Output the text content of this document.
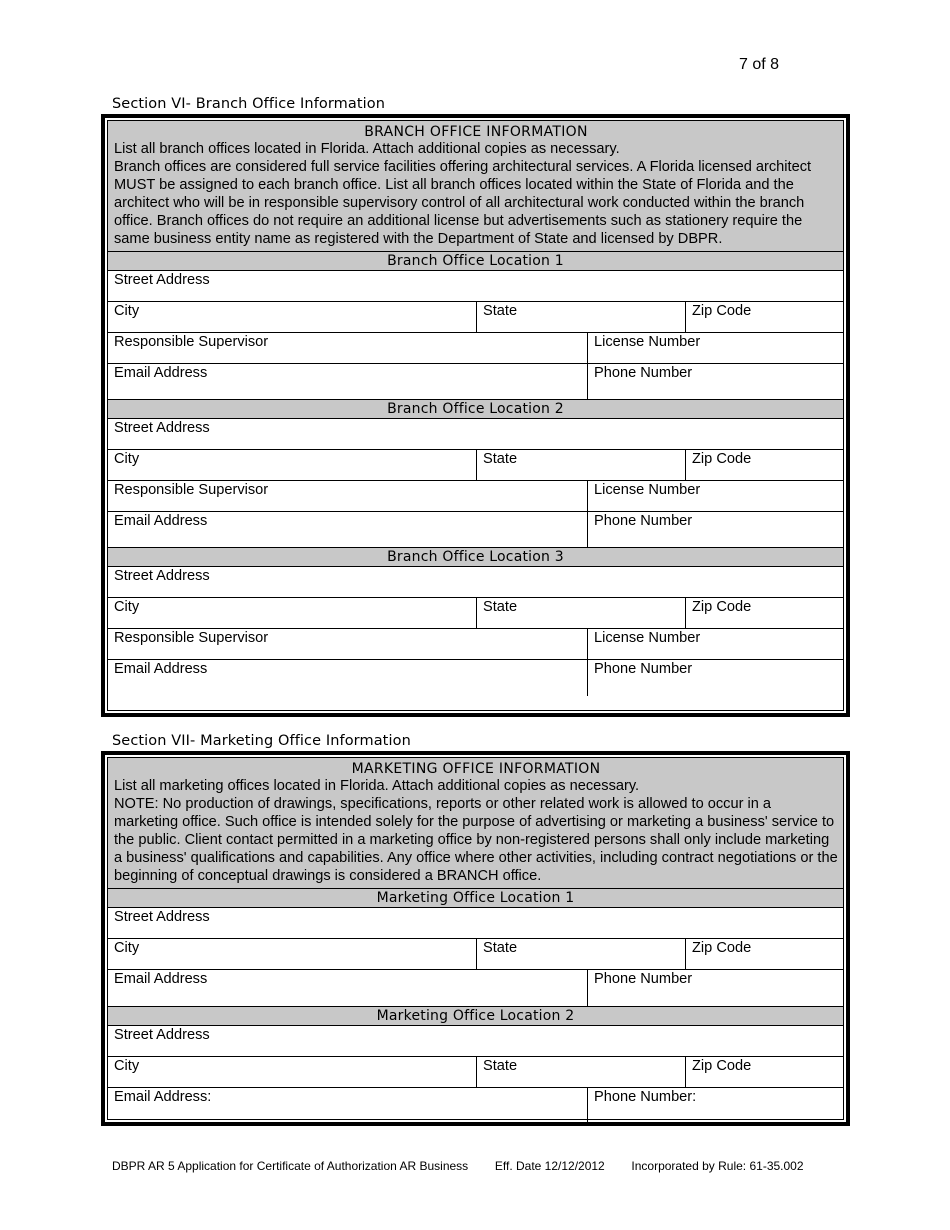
7 of 8
Section VI- Branch Office Information
BRANCH OFFICE INFORMATION
List all branch offices located in Florida. Attach additional copies as necessary.
Branch offices are considered full service facilities offering architectural services. A Florida licensed architect MUST be assigned to each branch office. List all branch offices located within the State of Florida and the architect who will be in responsible supervisory control of all architectural work conducted within the branch office. Branch offices do not require an additional license but advertisements such as stationery require the same business entity name as registered with the Department of State and licensed by DBPR.
Branch Office Location 1
Street Address
City	State	Zip Code
Responsible Supervisor	License Number
Email Address	Phone Number
Branch Office Location 2
Street Address
City	State	Zip Code
Responsible Supervisor	License Number
Email Address	Phone Number
Branch Office Location 3
Street Address
City	State	Zip Code
Responsible Supervisor	License Number
Email Address	Phone Number
Section VII- Marketing Office Information
MARKETING OFFICE INFORMATION
List all marketing offices located in Florida. Attach additional copies as necessary.
NOTE: No production of drawings, specifications, reports or other related work is allowed to occur in a marketing office. Such office is intended solely for the purpose of advertising or marketing a business' service to the public. Client contact permitted in a marketing office by non-registered persons shall only include marketing a business' qualifications and capabilities. Any office where other activities, including contract negotiations or the beginning of conceptual drawings is considered a BRANCH office.
Marketing Office Location 1
Street Address
City	State	Zip Code
Email Address	Phone Number
Marketing Office Location 2
Street Address
City	State	Zip Code
Email Address:	Phone Number:
DBPR AR 5 Application for Certificate of Authorization AR Business Eff. Date 12/12/2012 Incorporated by Rule: 61-35.002
